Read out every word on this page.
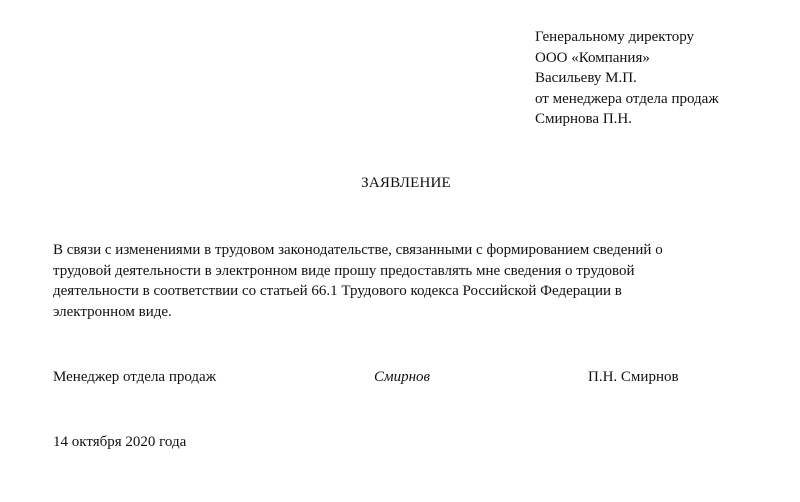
Генеральному директору
ООО «Компания»
Васильеву М.П.
от менеджера отдела продаж
Смирнова П.Н.
ЗАЯВЛЕНИЕ
В связи с изменениями в трудовом законодательстве, связанными с формированием сведений о
трудовой деятельности в электронном виде прошу предоставлять мне сведения о трудовой
деятельности в соответствии со статьей 66.1 Трудового кодекса Российской Федерации в
электронном виде.
Менеджер отдела продаж	Смирнов	П.Н. Смирнов
14 октября 2020 года
